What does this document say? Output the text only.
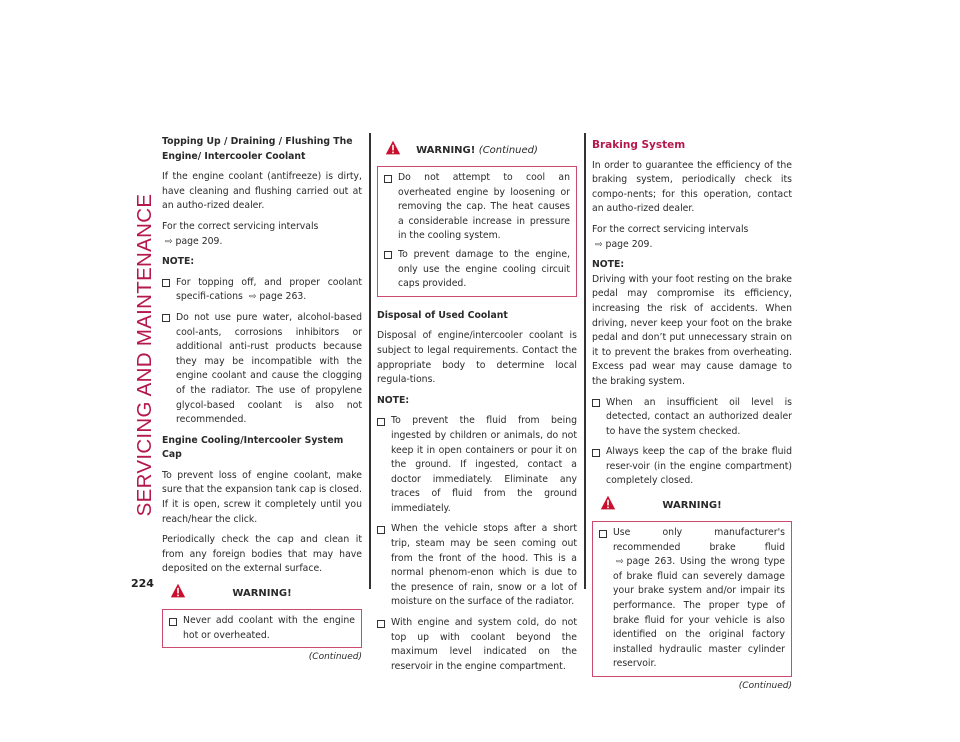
SERVICING AND MAINTENANCE
224

Topping Up / Draining / Flushing The Engine/ Intercooler Coolant

If the engine coolant (antifreeze) is dirty, have cleaning and flushing carried out at an autho-rized dealer.

For the correct servicing intervals ⇨ page 209.

NOTE:

For topping off, and proper coolant specifi-cations ⇨ page 263.
Do not use pure water, alcohol-based cool-ants, corrosions inhibitors or additional anti-rust products because they may be incompatible with the engine coolant and cause the clogging of the radiator. The use of propylene glycol-based coolant is also not recommended.

Engine Cooling/Intercooler System Cap

To prevent loss of engine coolant, make sure that the expansion tank cap is closed. If it is open, screw it completely until you reach/hear the click.

Periodically check the cap and clean it from any foreign bodies that may have deposited on the external surface.

WARNING!
Never add coolant with the engine hot or overheated.
(Continued)
WARNING! (Continued)
Do not attempt to cool an overheated engine by loosening or removing the cap. The heat causes a considerable increase in pressure in the cooling system.
To prevent damage to the engine, only use the engine cooling circuit caps provided.

Disposal of Used Coolant

Disposal of engine/intercooler coolant is subject to legal requirements. Contact the appropriate body to determine local regula-tions.

NOTE:

To prevent the fluid from being ingested by children or animals, do not keep it in open containers or pour it on the ground. If ingested, contact a doctor immediately. Eliminate any traces of fluid from the ground immediately.
When the vehicle stops after a short trip, steam may be seen coming out from the front of the hood. This is a normal phenom-enon which is due to the presence of rain, snow or a lot of moisture on the surface of the radiator.
With engine and system cold, do not top up with coolant beyond the maximum level indicated on the reservoir in the engine compartment.

Braking System

In order to guarantee the efficiency of the braking system, periodically check its compo-nents; for this operation, contact an autho-rized dealer.

For the correct servicing intervals ⇨ page 209.

NOTE:

Driving with your foot resting on the brake pedal may compromise its efficiency, increasing the risk of accidents. When driving, never keep your foot on the brake pedal and don’t put unnecessary strain on it to prevent the brakes from overheating. Excess pad wear may cause damage to the braking system.

When an insufficient oil level is detected, contact an authorized dealer to have the system checked.
Always keep the cap of the brake fluid reser-voir (in the engine compartment) completely closed.
WARNING!
Use only manufacturer's recommended brake fluid ⇨ page 263. Using the wrong type of brake fluid can severely damage your brake system and/or impair its performance. The proper type of brake fluid for your vehicle is also identified on the original factory installed hydraulic master cylinder reservoir.
(Continued)
